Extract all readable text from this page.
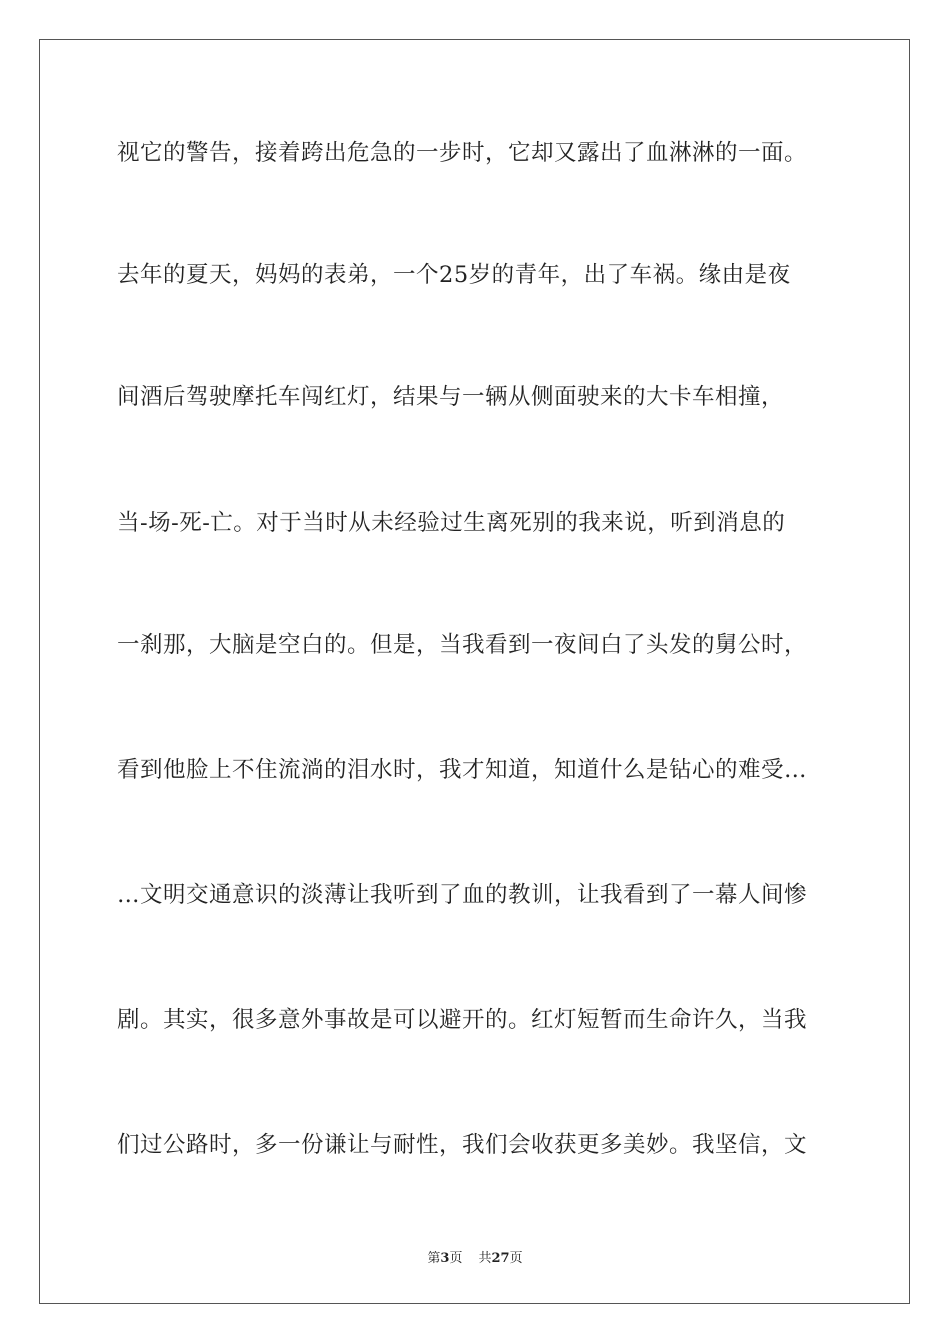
视它的警告，接着跨出危急的一步时，它却又露出了血淋淋的一面。
去年的夏天，妈妈的表弟，一个25岁的青年，出了车祸。缘由是夜
间酒后驾驶摩托车闯红灯，结果与一辆从侧面驶来的大卡车相撞，
当-场-死-亡。对于当时从未经验过生离死别的我来说，听到消息的
一刹那，大脑是空白的。但是，当我看到一夜间白了头发的舅公时，
看到他脸上不住流淌的泪水时，我才知道，知道什么是钻心的难受…
…文明交通意识的淡薄让我听到了血的教训，让我看到了一幕人间惨
剧。其实，很多意外事故是可以避开的。红灯短暂而生命许久，当我
们过公路时，多一份谦让与耐性，我们会收获更多美妙。我坚信，文
第3页 共27页
